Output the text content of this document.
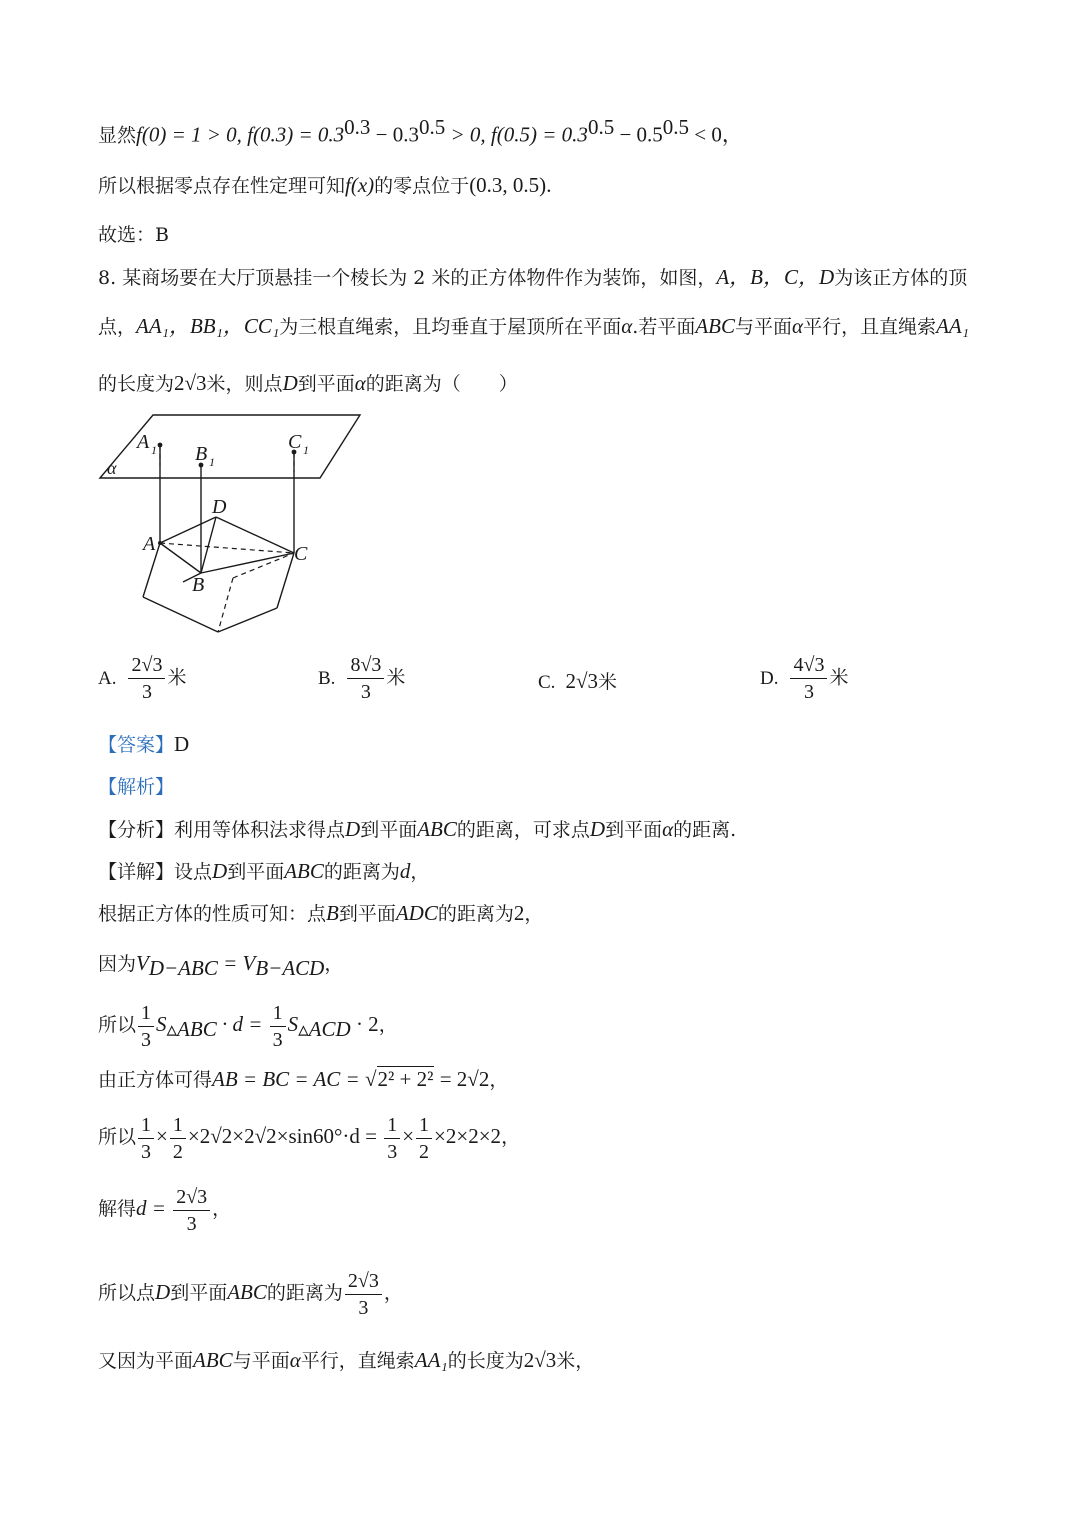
显然f(0) = 1 > 0, $f(0.3) = 0.3^{0.3} - 0.3^{0.5} > 0$, $f(0.5) = 0.3^{0.5} - 0.5^{0.5} < 0$，
所以根据零点存在性定理可知f(x)的零点位于(0.3, 0.5).
故选：B
8. 某商场要在大厅顶悬挂一个棱长为 2 米的正方体物件作为装饰，如图，A，B，C，D为该正方体的顶
点，AA₁，BB₁，CC₁为三根直绳索，且均垂直于屋顶所在平面α.若平面ABC与平面α平行，且直绳索AA₁
的长度为2√3米，则点D到平面α的距离为（　　）
α
A 1 B 1
C 1
D
A	C
B
A. $\frac{2√3}{3}$ 米	B. $\frac{8√3}{3}$ 米	C. 2√3米	D. $\frac{4√3}{3}$ 米
【答案】D
【解析】
【分析】利用等体积法求得点D到平面ABC的距离，可求点D到平面α的距离.
【详解】设点D到平面ABC的距离为d，
根据正方体的性质可知：点B到平面ADC的距离为2，
因为$V_{D-ABC} = V_{B-ACD}$，
所以 $\frac{1}{3} S_{▵ABC} \cdot d = \frac{1}{3} S_{▵ACD} \cdot 2$，
由正方体可得AB = BC = AC = √2² + 2² = 2√2，
所以 $\frac{1}{3} \times \frac{1}{2} \times 2√2\times 2√2\times\sin 60^\circ\cdot d = \frac{1}{3} \times \frac{1}{2} \times 2\times 2\times 2$，
解得$d = \frac{2√3}{3}$ ，
所以点D到平面ABC的距离为 $\frac{2√3}{3}$ ，
又因为平面ABC与平面α平行，直绳索AA₁的长度为2√3米，
